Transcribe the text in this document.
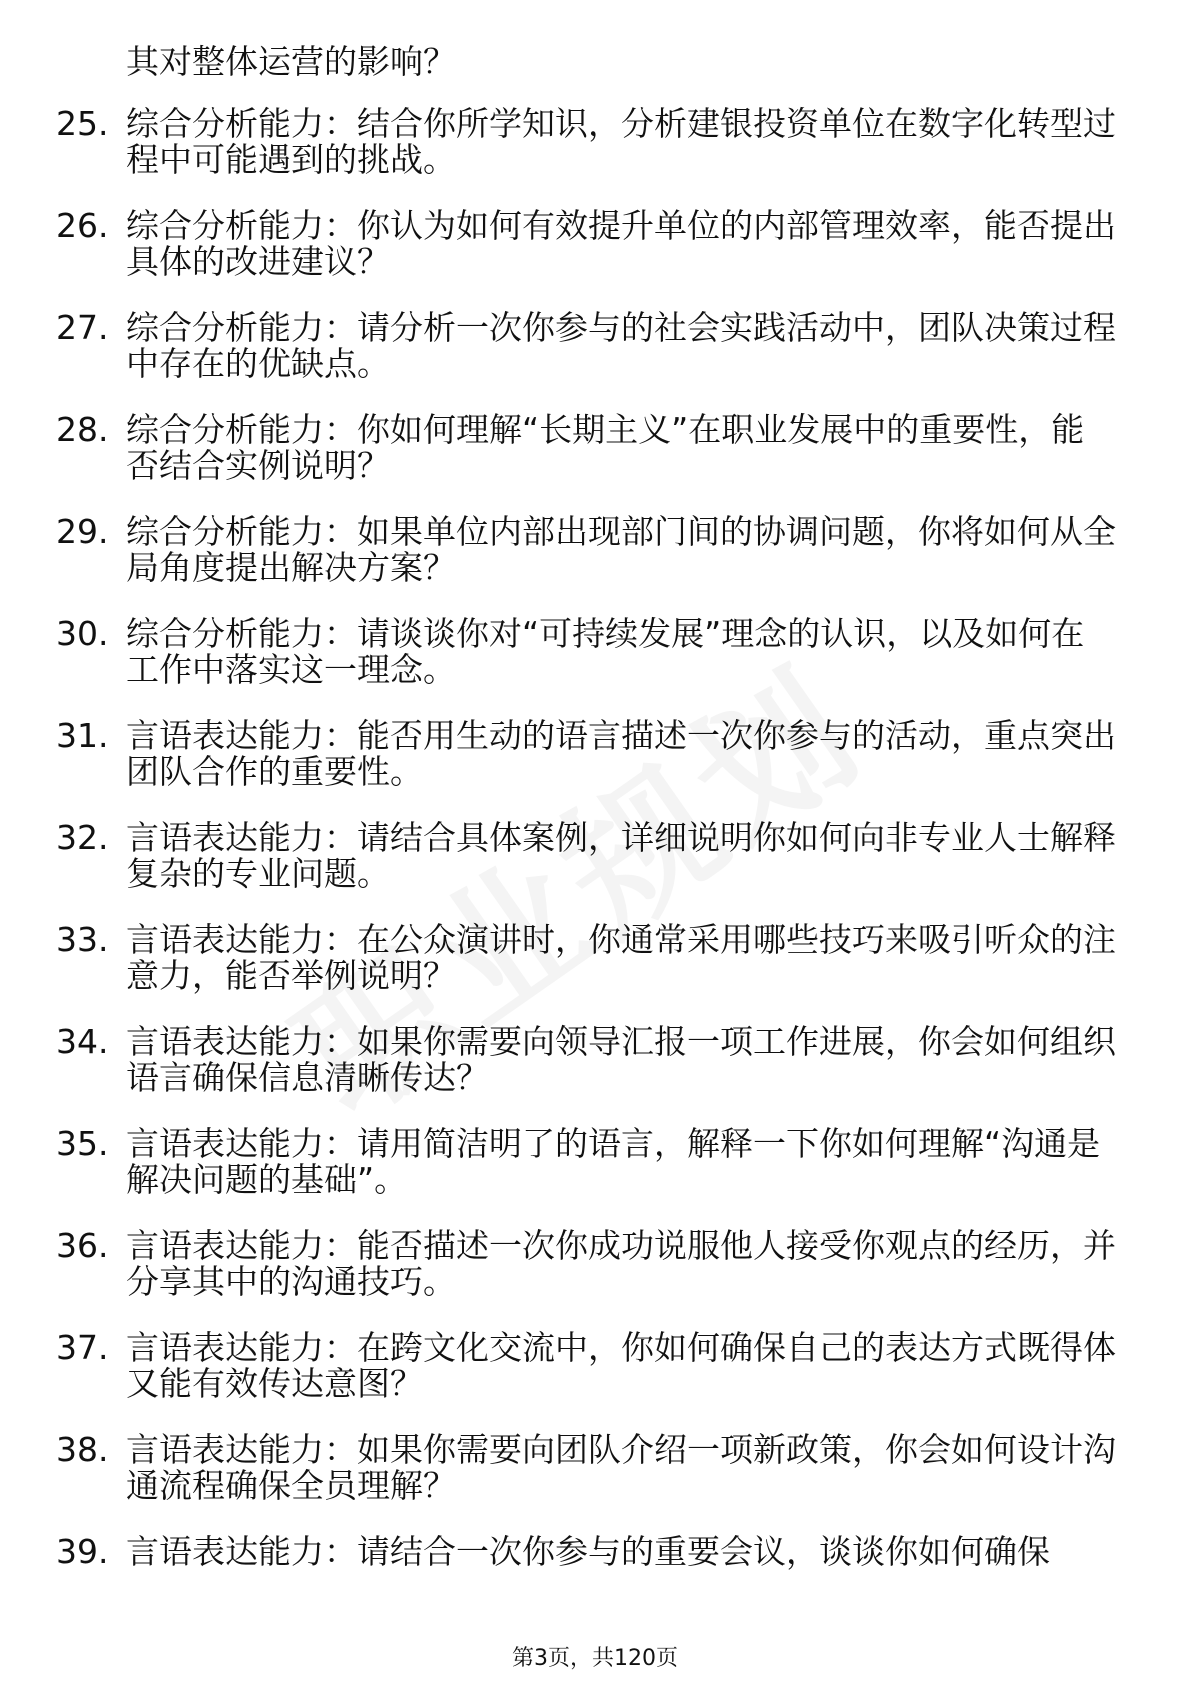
其对整体运营的影响？
25. 综合分析能力：结合你所学知识，分析建银投资单位在数字化转型过程中可能遇到的挑战。
26. 综合分析能力：你认为如何有效提升单位的内部管理效率，能否提出具体的改进建议？
27. 综合分析能力：请分析一次你参与的社会实践活动中，团队决策过程中存在的优缺点。
28. 综合分析能力：你如何理解“长期主义”在职业发展中的重要性，能否结合实例说明？
29. 综合分析能力：如果单位内部出现部门间的协调问题，你将如何从全局角度提出解决方案？
30. 综合分析能力：请谈谈你对“可持续发展”理念的认识，以及如何在工作中落实这一理念。
31. 言语表达能力：能否用生动的语言描述一次你参与的活动，重点突出团队合作的重要性。
32. 言语表达能力：请结合具体案例，详细说明你如何向非专业人士解释复杂的专业问题。
33. 言语表达能力：在公众演讲时，你通常采用哪些技巧来吸引听众的注意力，能否举例说明？
34. 言语表达能力：如果你需要向领导汇报一项工作进展，你会如何组织语言确保信息清晰传达？
35. 言语表达能力：请用简洁明了的语言，解释一下你如何理解“沟通是解决问题的基础”。
36. 言语表达能力：能否描述一次你成功说服他人接受你观点的经历，并分享其中的沟通技巧。
37. 言语表达能力：在跨文化交流中，你如何确保自己的表达方式既得体又能有效传达意图？
38. 言语表达能力：如果你需要向团队介绍一项新政策，你会如何设计沟通流程确保全员理解？
39. 言语表达能力：请结合一次你参与的重要会议，谈谈你如何确保
第3页，共120页
